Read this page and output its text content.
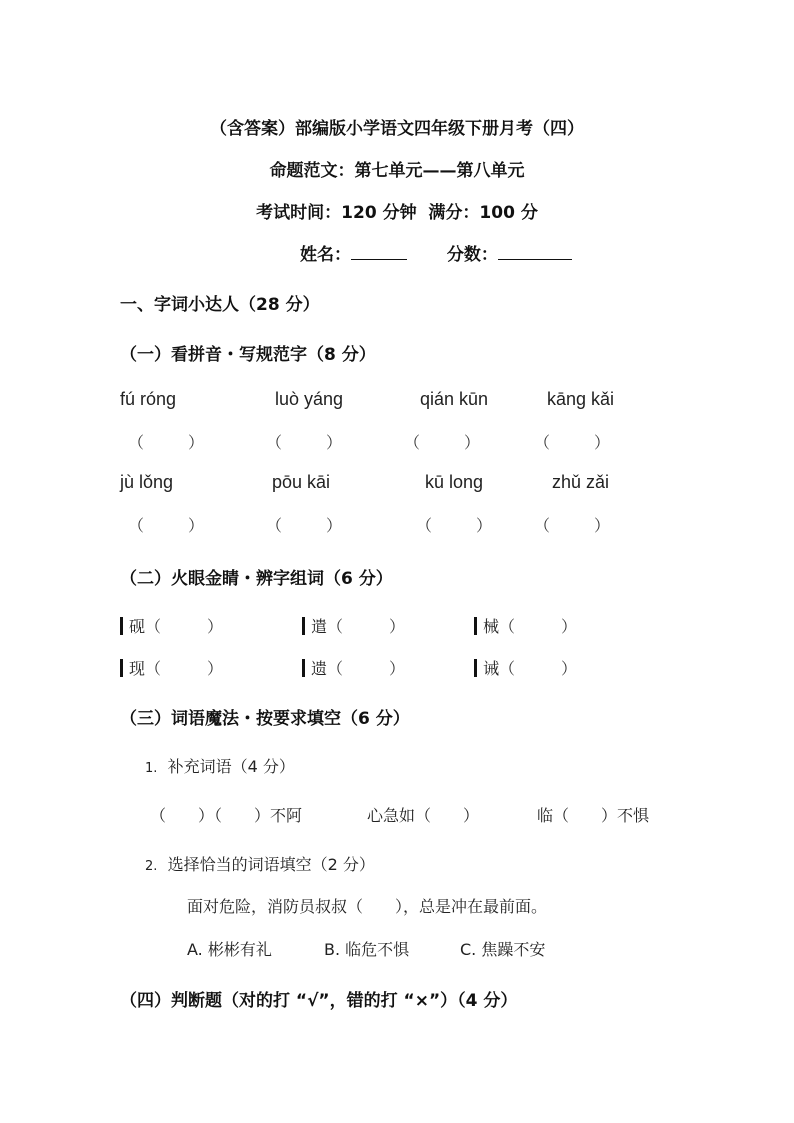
（含答案）部编版小学语文四年级下册月考（四）
命题范文：第七单元——第八单元
考试时间：120 分钟 满分：100 分
姓名：	分数：
一、字词小达人（28 分）
（一）看拼音・写规范字（8 分）
fú róng	luò yáng	qián kūn	kāng kǎi
（	）	（	）	（	）	（	）
jù lǒng	pōu kāi	kū long	zhǔ zǎi
（	）	（	）	（	）	（	）
（二）火眼金睛・辨字组词（6 分）
砚（	）	遣（	）	械（	）
现（	）	遗（	）	诫（	）
（三）词语魔法・按要求填空（6 分）
1. 补充词语（4 分）
（　　）（　　）不阿	心急如（　　）	临（　　）不惧
2. 选择恰当的词语填空（2 分）
面对危险，消防员叔叔（　　），总是冲在最前面。
A. 彬彬有礼	B. 临危不惧	C. 焦躁不安
（四）判断题（对的打 “√”，错的打 “×”）（4 分）
